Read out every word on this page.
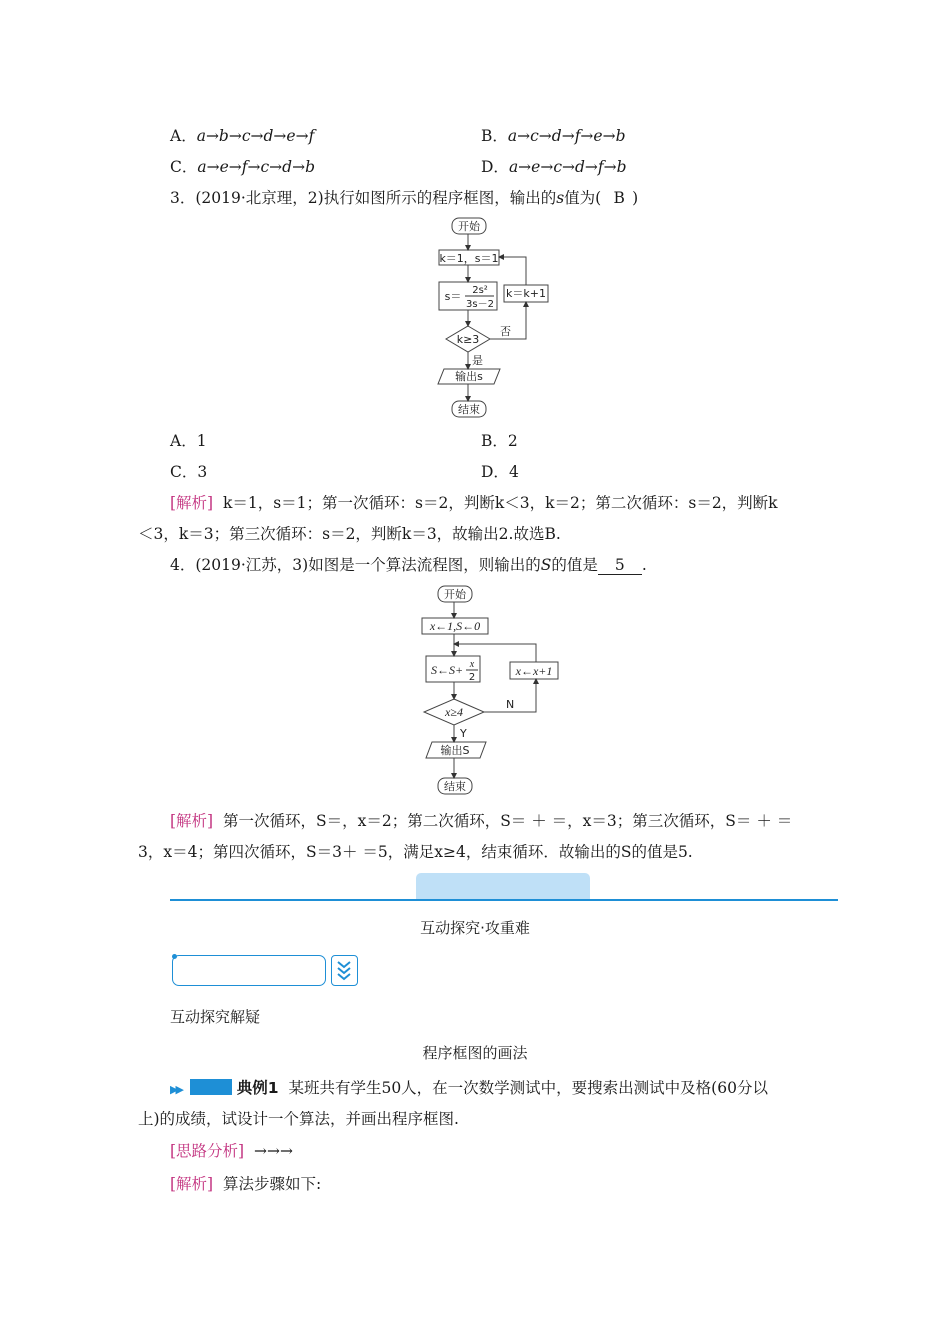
A．a→b→c→d→e→f	B．a→c→d→f→e→b
C．a→e→f→c→d→b	D．a→e→c→d→f→b
3．(2019·北京理，2)执行如图所示的程序框图，输出的s值为( B )
开始
k＝1，s＝1
s＝ 2s²
3s－2
k＝k+1
k≥3
否
是
输出s
结束
A．1	B．2
C．3	D．4
[解析] k＝1，s＝1；第一次循环：s＝2，判断k＜3，k＝2；第二次循环：s＝2，判断k
＜3，k＝3；第三次循环：s＝2，判断k＝3，故输出2.故选B.
4．(2019·江苏，3)如图是一个算法流程图，则输出的S的值是 5 .
开始
x←1,S←0
S←S+ x
2	x←x+1
x≥4
N
Y
输出S
结束
[解析] 第一次循环，S＝，x＝2；第二次循环，S＝ ＋ ＝，x＝3；第三次循环，S＝ ＋ ＝
3，x＝4；第四次循环，S＝3＋ ＝5，满足x≥4，结束循环．故输出的S的值是5.
互动探究·攻重难
互动探究解疑
程序框图的画法
▶▶	典例1 某班共有学生50人，在一次数学测试中，要搜索出测试中及格(60分以
上)的成绩，试设计一个算法，并画出程序框图.
[思路分析] →→→
[解析] 算法步骤如下:
